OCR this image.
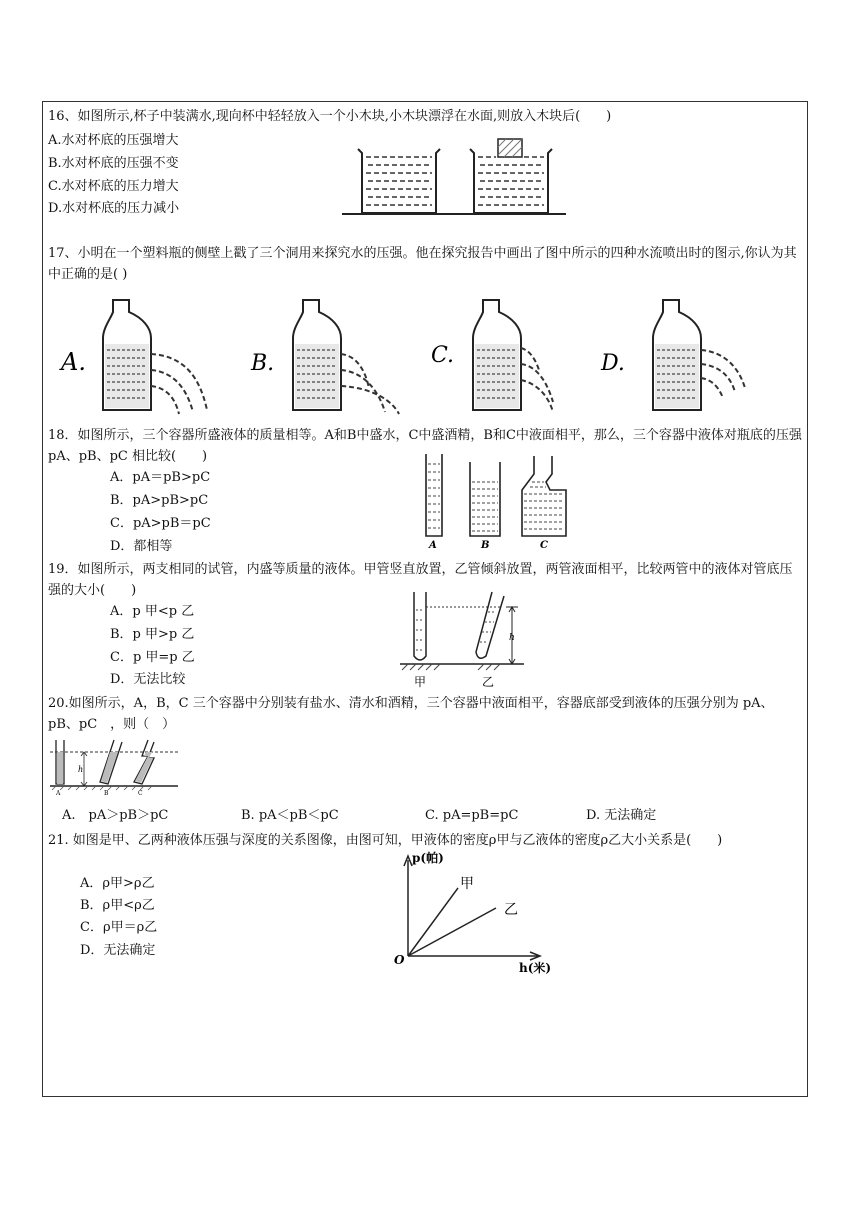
16、如图所示,杯子中装满水,现向杯中轻轻放入一个小木块,小木块漂浮在水面,则放入木块后(　　)
A.水对杯底的压强增大
B.水对杯底的压强不变
C.水对杯底的压力增大
D.水对杯底的压力减小
17、小明在一个塑料瓶的侧壁上戳了三个洞用来探究水的压强。他在探究报告中画出了图中所示的四种水流喷出时的图示,你认为其中正确的是( )
A.	B.	C.	D.
18．如图所示，三个容器所盛液体的质量相等。A和B中盛水，C中盛酒精，B和C中液面相平，那么，三个容器中液体对瓶底的压强 pA、pB、pC 相比较(　　)
A．pA＝pB>pC
B．pA>pB>pC
C．pA>pB＝pC
D．都相等	A	B	C
19．如图所示，两支相同的试管，内盛等质量的液体。甲管竖直放置，乙管倾斜放置，两管液面相平，比较两管中的液体对管底压强的大小(　　)
A．p 甲<p 乙
B．p 甲>p 乙
C．p 甲=p 乙
D．无法比较
h
甲	乙
20.如图所示，A，B，C 三个容器中分别装有盐水、清水和酒精，三个容器中液面相平，容器底部受到液体的压强分别为 pA、pB、pC　，则（　）
h
A	B	C
A.　pA＞pB＞pC	B. pA＜pB＜pC	C. pA=pB=pC	D. 无法确定
21. 如图是甲、乙两种液体压强与深度的关系图像，由图可知，甲液体的密度ρ甲与乙液体的密度ρ乙大小关系是(　　)
A．ρ甲>ρ乙
B．ρ甲<ρ乙
C．ρ甲＝ρ乙
D．无法确定
p(帕)
h(米)
O
甲
乙
